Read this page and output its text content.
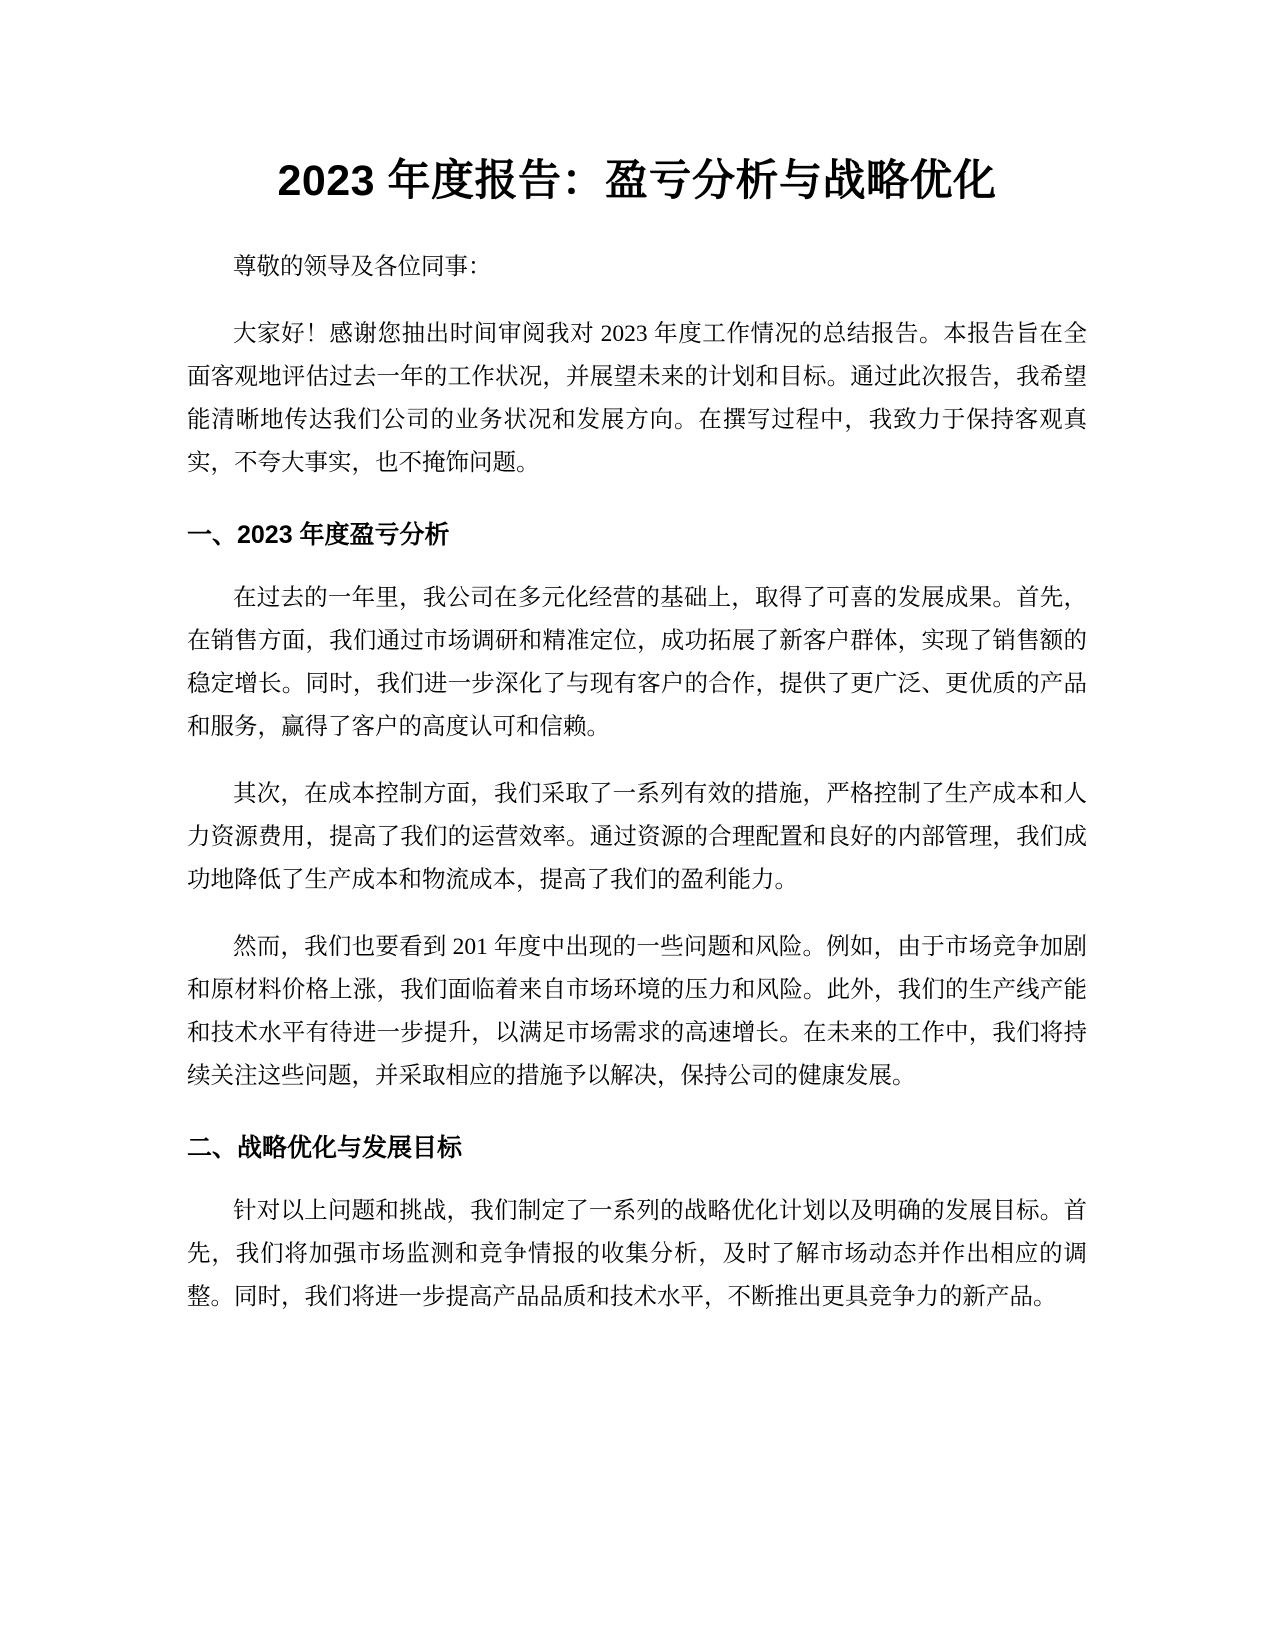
2023 年度报告：盈亏分析与战略优化

尊敬的领导及各位同事：

大家好！感谢您抽出时间审阅我对 2023 年度工作情况的总结报告。本报告旨在全面客观地评估过去一年的工作状况，并展望未来的计划和目标。通过此次报告，我希望能清晰地传达我们公司的业务状况和发展方向。在撰写过程中，我致力于保持客观真实，不夸大事实，也不掩饰问题。

一、2023 年度盈亏分析

在过去的一年里，我公司在多元化经营的基础上，取得了可喜的发展成果。首先，在销售方面，我们通过市场调研和精准定位，成功拓展了新客户群体，实现了销售额的稳定增长。同时，我们进一步深化了与现有客户的合作，提供了更广泛、更优质的产品和服务，赢得了客户的高度认可和信赖。

其次，在成本控制方面，我们采取了一系列有效的措施，严格控制了生产成本和人力资源费用，提高了我们的运营效率。通过资源的合理配置和良好的内部管理，我们成功地降低了生产成本和物流成本，提高了我们的盈利能力。

然而，我们也要看到 201 年度中出现的一些问题和风险。例如，由于市场竞争加剧和原材料价格上涨，我们面临着来自市场环境的压力和风险。此外，我们的生产线产能和技术水平有待进一步提升，以满足市场需求的高速增长。在未来的工作中，我们将持续关注这些问题，并采取相应的措施予以解决，保持公司的健康发展。

二、战略优化与发展目标

针对以上问题和挑战，我们制定了一系列的战略优化计划以及明确的发展目标。首先，我们将加强市场监测和竞争情报的收集分析，及时了解市场动态并作出相应的调整。同时，我们将进一步提高产品品质和技术水平，不断推出更具竞争力的新产品。
